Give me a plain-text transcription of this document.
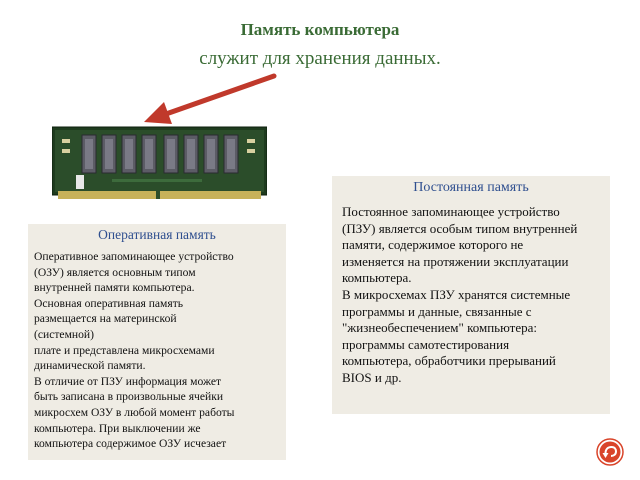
Память компьютера
служит для хранения данных.

Постоянная память

Постоянное запоминающее устройство
(ПЗУ) является особым типом внутренней
памяти, содержимое которого не
изменяется на протяжении эксплуатации
компьютера.
В микросхемах ПЗУ хранятся системные
программы и данные, связанные с
"жизнеобеспечением" компьютера:
программы самотестирования
компьютера, обработчики прерываний
BIOS и др.

Оперативная память

Оперативное запоминающее устройство
(ОЗУ) является основным типом
внутренней памяти компьютера.
Основная оперативная память
размещается на материнской
(системной)
плате и представлена микросхемами
динамической памяти.
В отличие от ПЗУ информация может
быть записана в произвольные ячейки
микросхем ОЗУ в любой момент работы
компьютера. При выключении же
компьютера содержимое ОЗУ исчезает
